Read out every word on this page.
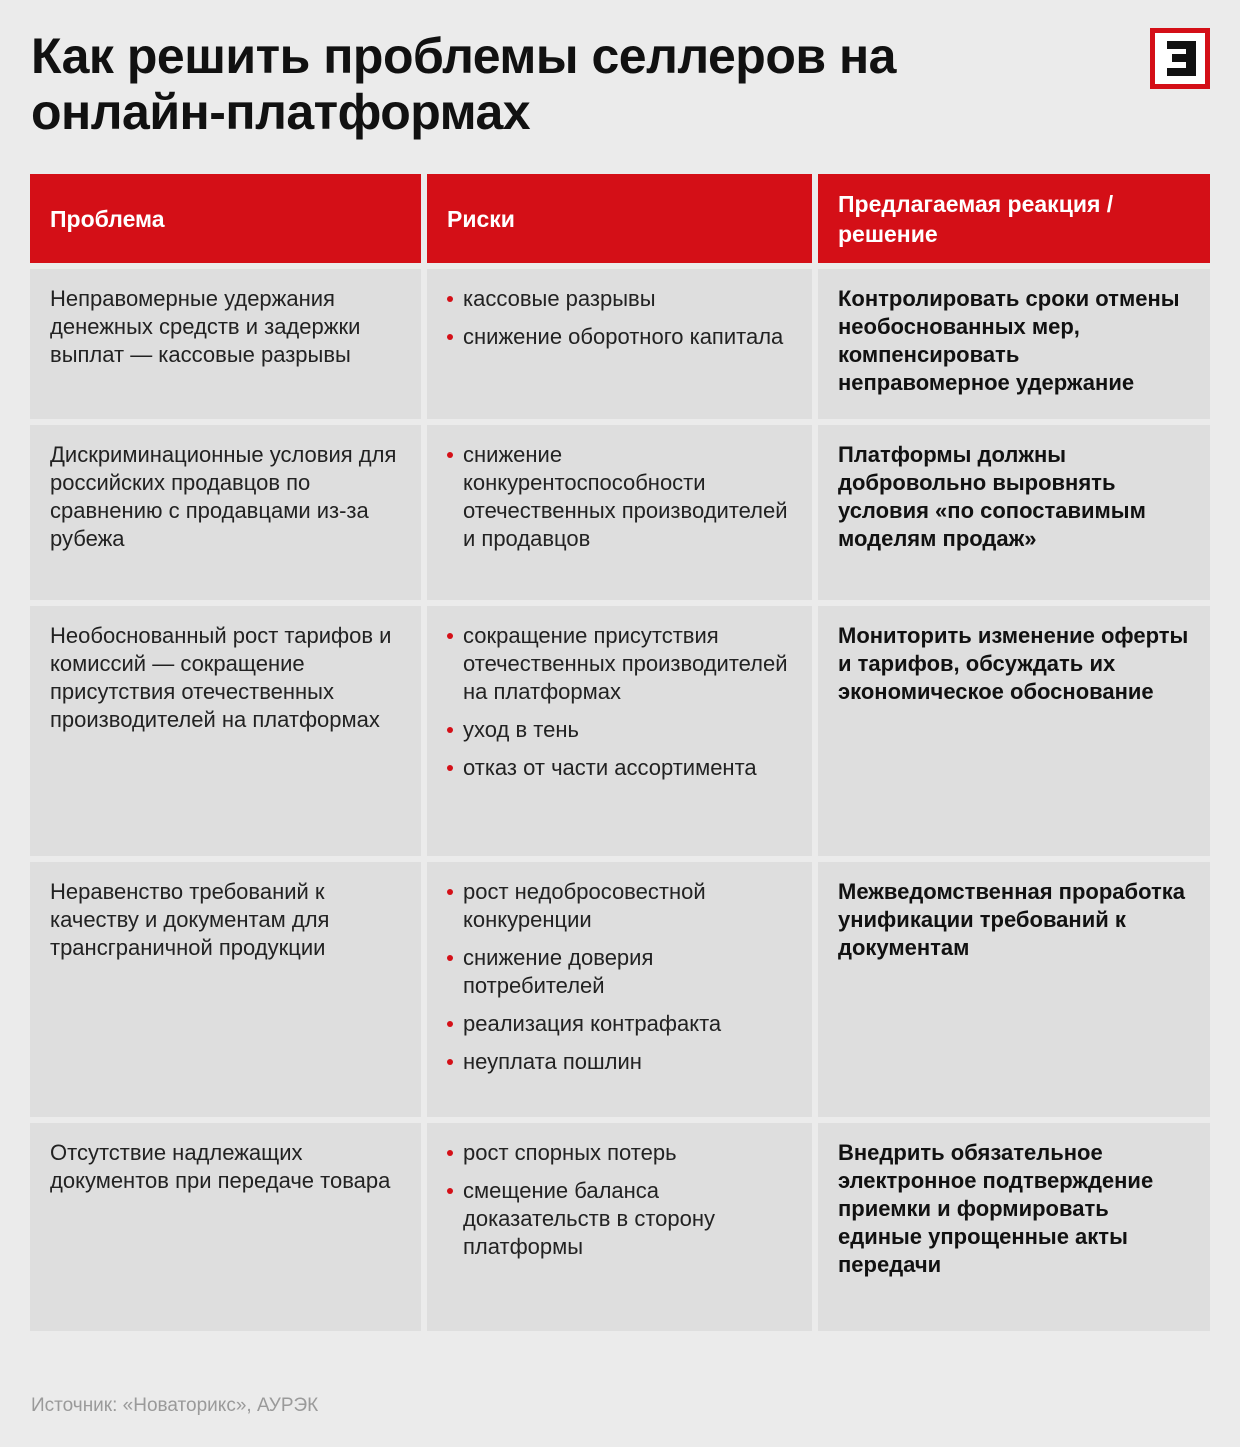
Как решить проблемы селлеров на онлайн-платформах
Проблема	Риски
Предлагаемая реакция / решение
Неправомерные удержания денежных средств и задержки выплат — кассовые разрывы
кассовые разрывы
снижение оборотного капитала
Контролировать сроки отмены необоснованных мер, компенсировать неправомерное удержание
Дискриминационные условия для российских продавцов по сравнению с продавцами из-за рубежа
снижение конкурентоспособности отечественных производителей и продавцов
Платформы должны добровольно выровнять условия «по сопоставимым моделям продаж»
Необоснованный рост тарифов и комиссий — сокращение присутствия отечественных производителей на платформах
сокращение присутствия отечественных производителей на платформах
уход в тень
отказ от части ассортимента
Мониторить изменение оферты и тарифов, обсуждать их экономическое обоснование
Неравенство требований к качеству и документам для трансграничной продукции
рост недобросовестной конкуренции
снижение доверия потребителей
реализация контрафакта
неуплата пошлин
Межведомственная проработка унификации требований к документам
Отсутствие надлежащих документов при передаче товара
рост спорных потерь
смещение баланса доказательств в сторону платформы
Внедрить обязательное электронное подтверждение приемки и формировать единые упрощенные акты передачи
Источник: «Новаторикс», АУРЭК
